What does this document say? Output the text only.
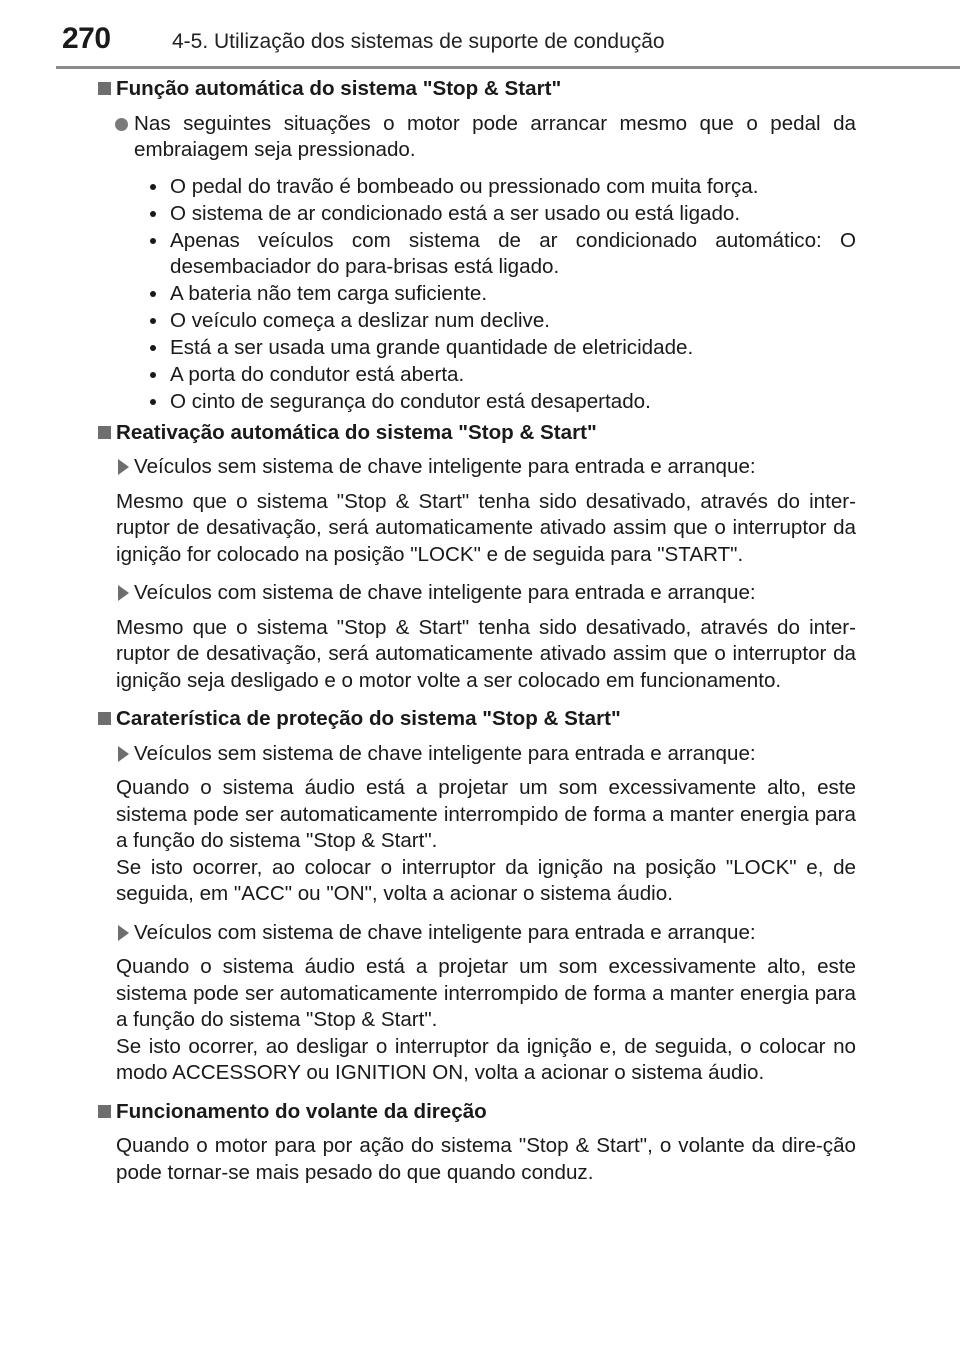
270	4-5. Utilização dos sistemas de suporte de condução
Função automática do sistema "Stop & Start"
Nas seguintes situações o motor pode arrancar mesmo que o pedal da embraiagem seja pressionado.
O pedal do travão é bombeado ou pressionado com muita força.
O sistema de ar condicionado está a ser usado ou está ligado.
Apenas veículos com sistema de ar condicionado automático: O desembaciador do para-brisas está ligado.
A bateria não tem carga suficiente.
O veículo começa a deslizar num declive.
Está a ser usada uma grande quantidade de eletricidade.
A porta do condutor está aberta.
O cinto de segurança do condutor está desapertado.
Reativação automática do sistema "Stop & Start"
Veículos sem sistema de chave inteligente para entrada e arranque:

Mesmo que o sistema "Stop & Start" tenha sido desativado, através do inter-ruptor de desativação, será automaticamente ativado assim que o interruptor da ignição for colocado na posição "LOCK" e de seguida para "START".

Veículos com sistema de chave inteligente para entrada e arranque:

Mesmo que o sistema "Stop & Start" tenha sido desativado, através do inter-ruptor de desativação, será automaticamente ativado assim que o interruptor da ignição seja desligado e o motor volte a ser colocado em funcionamento.

Caraterística de proteção do sistema "Stop & Start"
Veículos sem sistema de chave inteligente para entrada e arranque:

Quando o sistema áudio está a projetar um som excessivamente alto, este sistema pode ser automaticamente interrompido de forma a manter energia para a função do sistema "Stop & Start".
Se isto ocorrer, ao colocar o interruptor da ignição na posição "LOCK" e, de seguida, em "ACC" ou "ON", volta a acionar o sistema áudio.

Veículos com sistema de chave inteligente para entrada e arranque:

Quando o sistema áudio está a projetar um som excessivamente alto, este sistema pode ser automaticamente interrompido de forma a manter energia para a função do sistema "Stop & Start".
Se isto ocorrer, ao desligar o interruptor da ignição e, de seguida, o colocar no modo ACCESSORY ou IGNITION ON, volta a acionar o sistema áudio.

Funcionamento do volante da direção

Quando o motor para por ação do sistema "Stop & Start", o volante da dire-ção pode tornar-se mais pesado do que quando conduz.
